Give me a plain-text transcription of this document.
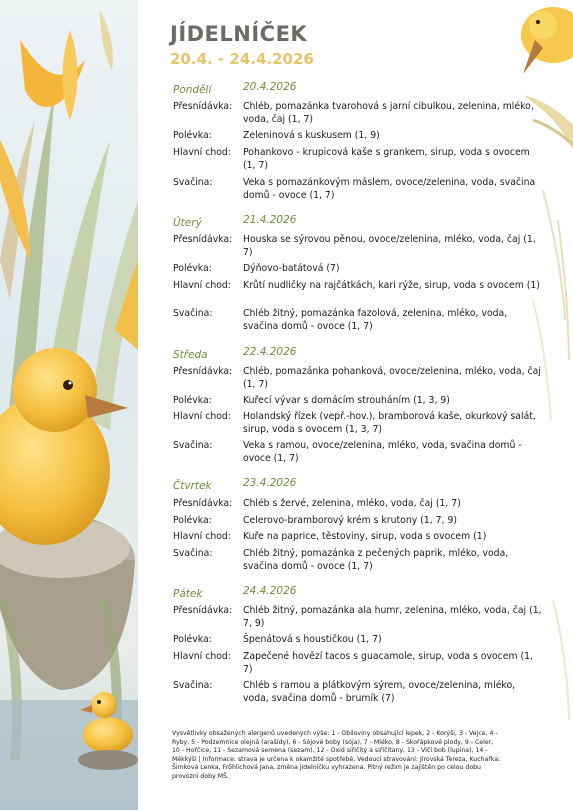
JÍDELNÍČEK
20.4. - 24.4.2026
Pondělí	20.4.2026
Přesnídávka:	Chléb, pomazánka tvarohová s jarní cibulkou, zelenina, mléko, voda, čaj (1, 7)
Polévka:	Zeleninová s kuskusem (1, 9)
Hlavní chod:	Pohankovo - krupicová kaše s grankem, sirup, voda s ovocem (1, 7)
Svačina:	Veka s pomazánkovým máslem, ovoce/zelenina, voda, svačina domů - ovoce (1, 7)
Úterý	21.4.2026
Přesnídávka:	Houska se sýrovou pěnou, ovoce/zelenina, mléko, voda, čaj (1, 7)
Polévka:	Dýňovo-batátová (7)
Hlavní chod:	Krůtí nudličky na rajčátkách, kari rýže, sirup, voda s ovocem (1)
Svačina:	Chléb žitný, pomazánka fazolová, zelenina, mléko, voda, svačina domů - ovoce (1, 7)
Středa	22.4.2026
Přesnídávka:	Chléb, pomazánka pohanková, ovoce/zelenina, mléko, voda, čaj (1, 7)
Polévka:	Kuřecí vývar s domácím strouháním (1, 3, 9)
Hlavní chod:	Holandský řízek (vepř.-hov.), bramborová kaše, okurkový salát, sirup, voda s ovocem (1, 3, 7)
Svačina:	Veka s ramou, ovoce/zelenina, mléko, voda, svačina domů - ovoce (1, 7)
Čtvrtek	23.4.2026
Přesnídávka:	Chléb s žervé, zelenina, mléko, voda, čaj (1, 7)
Polévka:	Celerovo-bramborový krém s krutony (1, 7, 9)
Hlavní chod:	Kuře na paprice, těstoviny, sirup, voda s ovocem (1)
Svačina:	Chléb žitný, pomazánka z pečených paprik, mléko, voda, svačina domů - ovoce (1, 7)
Pátek	24.4.2026
Přesnídávka:	Chléb žitný, pomazánka ala humr, zelenina, mléko, voda, čaj (1, 7, 9)
Polévka:	Špenátová s houstičkou (1, 7)
Hlavní chod:	Zapečené hovězí tacos s guacamole, sirup, voda s ovocem (1, 7)
Svačina:	Chléb s ramou a plátkovým sýrem, ovoce/zelenina, mléko, voda, svačina domů - brumík (7)
Vysvětlivky obsažených alergenů uvedených výše: 1 - Obiloviny obsahující lepek, 2 - Korýši, 3 - Vejce, 4 - Ryby, 5 - Podzemnice olejná (arašídy), 6 - Sójové boby (sója), 7 - Mléko, 8 - Skořápkové plody, 9 - Celer, 10 - Hořčice, 11 - Sezamová semena (sezam), 12 - Oxid siřičitý a siřičitany, 13 - Vlčí bob (lupina), 14 - Měkkýši | Informace: strava je určena k okamžité spotřebě, Vedoucí stravování: Jírovská Tereza, Kuchařka: Šimková Lenka, Frőhlichová Jana, změna jídelníčku vyhrazena. Pitný režim je zajištěn po celou dobu provozní doby MŠ.
